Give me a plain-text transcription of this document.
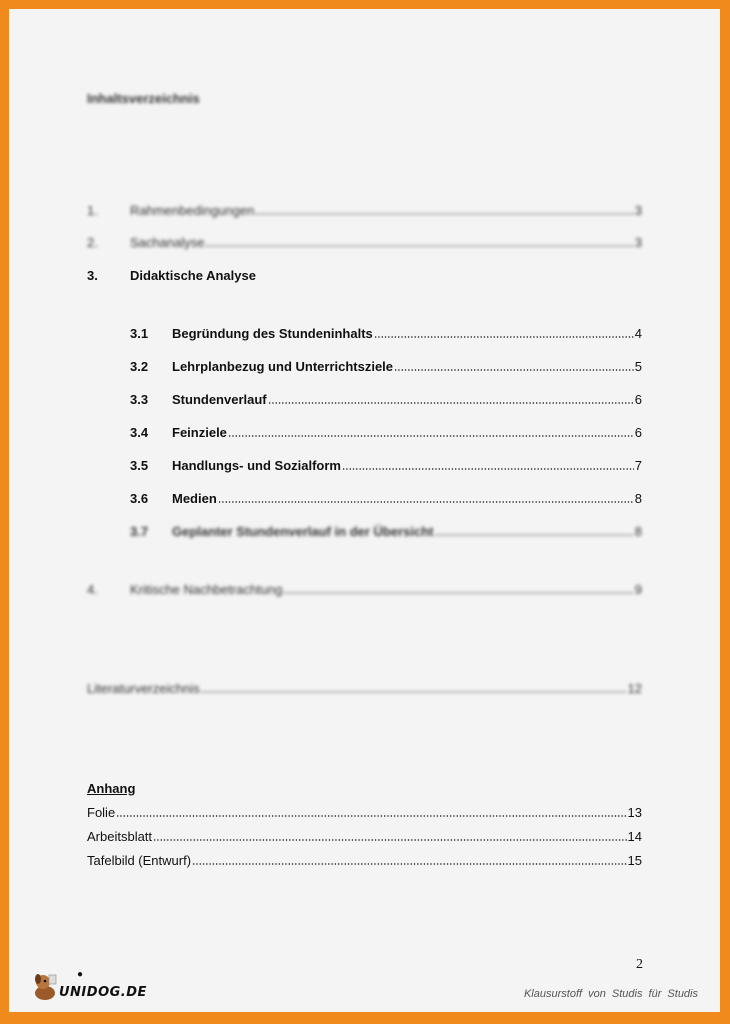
Inhaltsverzeichnis
1.	Rahmenbedingungen	3
2.	Sachanalyse	3
3.	Didaktische Analyse
3.1	Begründung des Stundeninhalts	4
3.2	Lehrplanbezug und Unterrichtsziele	5
3.3	Stundenverlauf	6
3.4	Feinziele	6
3.5	Handlungs- und Sozialform	7
3.6	Medien	8
3.7	Geplanter Stundenverlauf in der Übersicht	8
4.	Kritische Nachbetrachtung	9
Literaturverzeichnis	12
Anhang
Folie	13
Arbeitsblatt	14
Tafelbild (Entwurf)	15
2
●
UNIDOG.DE	Klausurstoff von Studis für Studis
